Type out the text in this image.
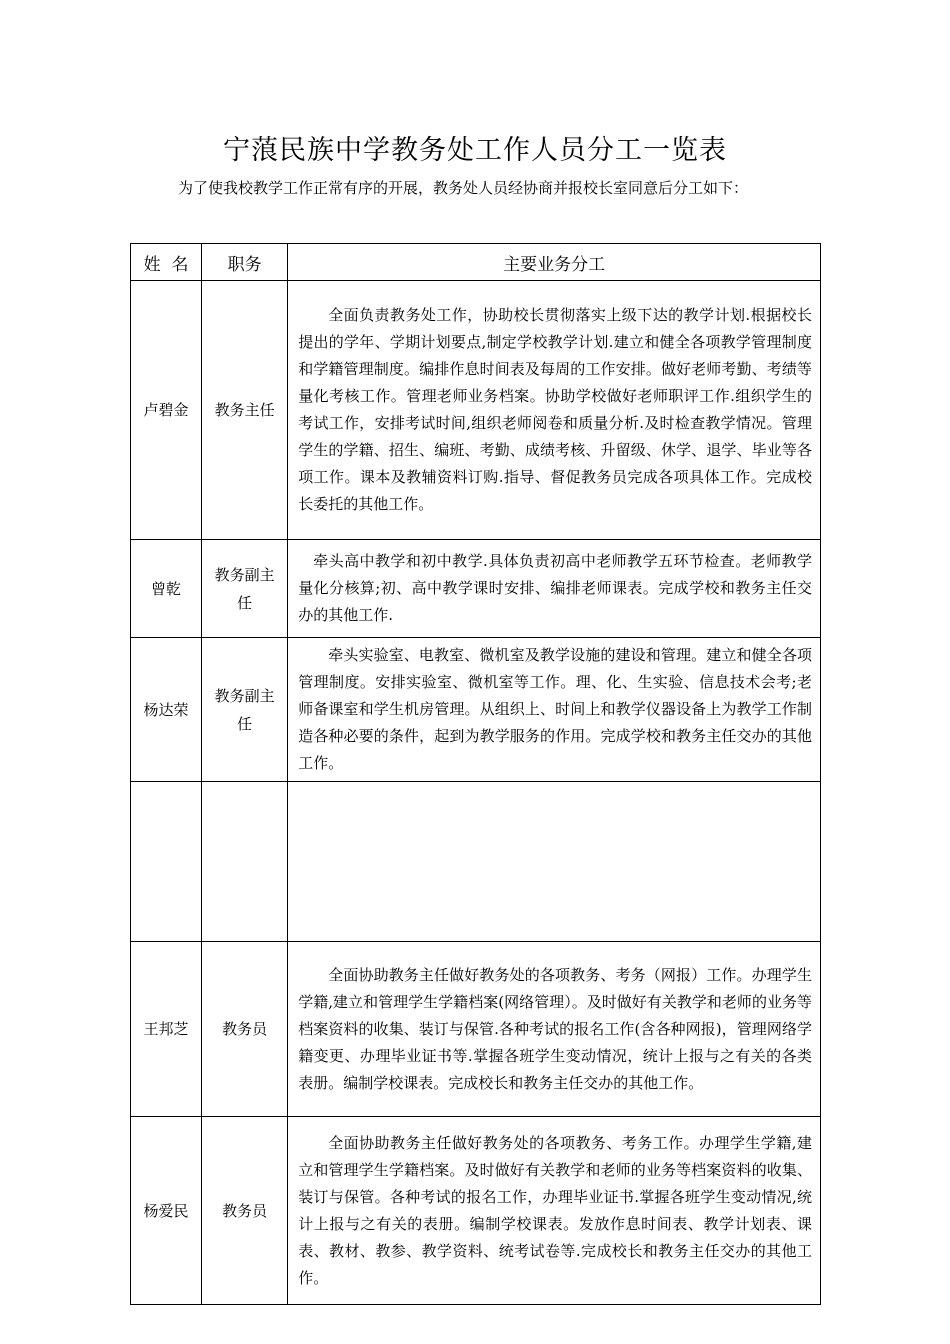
宁蒗民族中学教务处工作人员分工一览表
为了使我校教学工作正常有序的开展，教务处人员经协商并报校长室同意后分工如下：
姓  名	职务	主要业务分工
卢碧金	教务主任	全面负责教务处工作，协助校长贯彻落实上级下达的教学计划.根据校长提出的学年、学期计划要点,制定学校教学计划.建立和健全各项教学管理制度和学籍管理制度。编排作息时间表及每周的工作安排。做好老师考勤、考绩等量化考核工作。管理老师业务档案。协助学校做好老师职评工作.组织学生的考试工作，安排考试时间,组织老师阅卷和质量分析.及时检查教学情况。管理学生的学籍、招生、编班、考勤、成绩考核、升留级、休学、退学、毕业等各项工作。课本及教辅资料订购.指导、督促教务员完成各项具体工作。完成校长委托的其他工作。

曾乾	教务副主任	牵头高中教学和初中教学.具体负责初高中老师教学五环节检查。老师教学量化分核算;初、高中教学课时安排、编排老师课表。完成学校和教务主任交办的其他工作.

杨达荣	教务副主任	牵头实验室、电教室、微机室及教学设施的建设和管理。建立和健全各项管理制度。安排实验室、微机室等工作。理、化、生实验、信息技术会考;老师备课室和学生机房管理。从组织上、时间上和教学仪器设备上为教学工作制造各种必要的条件，起到为教学服务的作用。完成学校和教务主任交办的其他工作。

王邦芝	教务员	全面协助教务主任做好教务处的各项教务、考务（网报）工作。办理学生学籍,建立和管理学生学籍档案(网络管理）。及时做好有关教学和老师的业务等档案资料的收集、装订与保管.各种考试的报名工作(含各种网报)，管理网络学籍变更、办理毕业证书等.掌握各班学生变动情况，统计上报与之有关的各类表册。编制学校课表。完成校长和教务主任交办的其他工作。

杨爱民	教务员	全面协助教务主任做好教务处的各项教务、考务工作。办理学生学籍,建立和管理学生学籍档案。及时做好有关教学和老师的业务等档案资料的收集、装订与保管。各种考试的报名工作，办理毕业证书.掌握各班学生变动情况,统计上报与之有关的表册。编制学校课表。发放作息时间表、教学计划表、课表、教材、教参、教学资料、统考试卷等.完成校长和教务主任交办的其他工作。
